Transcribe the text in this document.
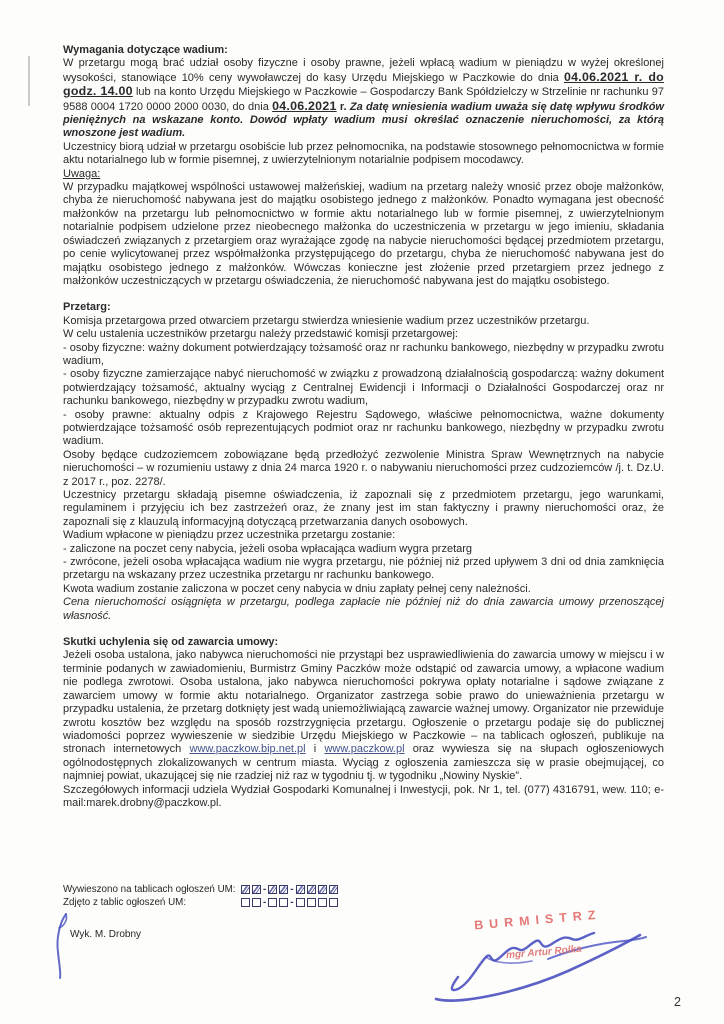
Wymagania dotyczące wadium:
W przetargu mogą brać udział osoby fizyczne i osoby prawne, jeżeli wpłacą wadium w pieniądzu w wyżej określonej wysokości, stanowiące 10% ceny wywoławczej do kasy Urzędu Miejskiego w Paczkowie do dnia 04.06.2021 r. do godz. 14.00 lub na konto Urzędu Miejskiego w Paczkowie – Gospodarczy Bank Spółdzielczy w Strzelinie nr rachunku 97 9588 0004 1720 0000 2000 0030, do dnia 04.06.2021 r. Za datę wniesienia wadium uważa się datę wpływu środków pieniężnych na wskazane konto. Dowód wpłaty wadium musi określać oznaczenie nieruchomości, za którą wnoszone jest wadium.
Uczestnicy biorą udział w przetargu osobiście lub przez pełnomocnika, na podstawie stosownego pełnomocnictwa w formie aktu notarialnego lub w formie pisemnej, z uwierzytelnionym notarialnie podpisem mocodawcy.
Uwaga:
W przypadku majątkowej wspólności ustawowej małżeńskiej, wadium na przetarg należy wnosić przez oboje małżonków, chyba że nieruchomość nabywana jest do majątku osobistego jednego z małżonków. Ponadto wymagana jest obecność małżonków na przetargu lub pełnomocnictwo w formie aktu notarialnego lub w formie pisemnej, z uwierzytelnionym notarialnie podpisem udzielone przez nieobecnego małżonka do uczestniczenia w przetargu w jego imieniu, składania oświadczeń związanych z przetargiem oraz wyrażające zgodę na nabycie nieruchomości będącej przedmiotem przetargu, po cenie wylicytowanej przez współmałżonka przystępującego do przetargu, chyba że nieruchomość nabywana jest do majątku osobistego jednego z małżonków. Wówczas konieczne jest złożenie przed przetargiem przez jednego z małżonków uczestniczących w przetargu oświadczenia, że nieruchomość nabywana jest do majątku osobistego.
Przetarg:
Komisja przetargowa przed otwarciem przetargu stwierdza wniesienie wadium przez uczestników przetargu.
W celu ustalenia uczestników przetargu należy przedstawić komisji przetargowej:
- osoby fizyczne: ważny dokument potwierdzający tożsamość oraz nr rachunku bankowego, niezbędny w przypadku zwrotu wadium,
- osoby fizyczne zamierzające nabyć nieruchomość w związku z prowadzoną działalnością gospodarczą: ważny dokument potwierdzający tożsamość, aktualny wyciąg z Centralnej Ewidencji i Informacji o Działalności Gospodarczej oraz nr rachunku bankowego, niezbędny w przypadku zwrotu wadium,
- osoby prawne: aktualny odpis z Krajowego Rejestru Sądowego, właściwe pełnomocnictwa, ważne dokumenty potwierdzające tożsamość osób reprezentujących podmiot oraz nr rachunku bankowego, niezbędny w przypadku zwrotu wadium.
Osoby będące cudzoziemcem zobowiązane będą przedłożyć zezwolenie Ministra Spraw Wewnętrznych na nabycie nieruchomości – w rozumieniu ustawy z dnia 24 marca 1920 r. o nabywaniu nieruchomości przez cudzoziemców /j. t. Dz.U. z 2017 r., poz. 2278/.
Uczestnicy przetargu składają pisemne oświadczenia, iż zapoznali się z przedmiotem przetargu, jego warunkami, regulaminem i przyjęciu ich bez zastrzeżeń oraz, że znany jest im stan faktyczny i prawny nieruchomości oraz, że zapoznali się z klauzulą informacyjną dotyczącą przetwarzania danych osobowych.
Wadium wpłacone w pieniądzu przez uczestnika przetargu zostanie:
- zaliczone na poczet ceny nabycia, jeżeli osoba wpłacająca wadium wygra przetarg
- zwrócone, jeżeli osoba wpłacająca wadium nie wygra przetargu, nie później niż przed upływem 3 dni od dnia zamknięcia przetargu na wskazany przez uczestnika przetargu nr rachunku bankowego.
Kwota wadium zostanie zaliczona w poczet ceny nabycia w dniu zapłaty pełnej ceny należności.
Cena nieruchomości osiągnięta w przetargu, podlega zapłacie nie później niż do dnia zawarcia umowy przenoszącej własność.
Skutki uchylenia się od zawarcia umowy:
Jeżeli osoba ustalona, jako nabywca nieruchomości nie przystąpi bez usprawiedliwienia do zawarcia umowy w miejscu i w terminie podanych w zawiadomieniu, Burmistrz Gminy Paczków może odstąpić od zawarcia umowy, a wpłacone wadium nie podlega zwrotowi. Osoba ustalona, jako nabywca nieruchomości pokrywa opłaty notarialne i sądowe związane z zawarciem umowy w formie aktu notarialnego. Organizator zastrzega sobie prawo do unieważnienia przetargu w przypadku ustalenia, że przetarg dotknięty jest wadą uniemożliwiającą zawarcie ważnej umowy. Organizator nie przewiduje zwrotu kosztów bez względu na sposób rozstrzygnięcia przetargu. Ogłoszenie o przetargu podaje się do publicznej wiadomości poprzez wywieszenie w siedzibie Urzędu Miejskiego w Paczkowie – na tablicach ogłoszeń, publikuje na stronach internetowych www.paczkow.bip.net.pl i www.paczkow.pl oraz wywiesza się na słupach ogłoszeniowych ogólnodostępnych zlokalizowanych w centrum miasta. Wyciąg z ogłoszenia zamieszcza się w prasie obejmującej, co najmniej powiat, ukazującej się nie rzadziej niż raz w tygodniu tj. w tygodniku „Nowiny Nyskie”.
Szczegółowych informacji udziela Wydział Gospodarki Komunalnej i Inwestycji, pok. Nr 1, tel. (077) 4316791, wew. 110; e-mail:marek.drobny@paczkow.pl.
Wywieszono na tablicach ogłoszeń UM:	- -
Zdjęto z tablic ogłoszeń UM:	- -
Wyk. M. Drobny
BURMISTRZ
mgr Artur Rolka
2
